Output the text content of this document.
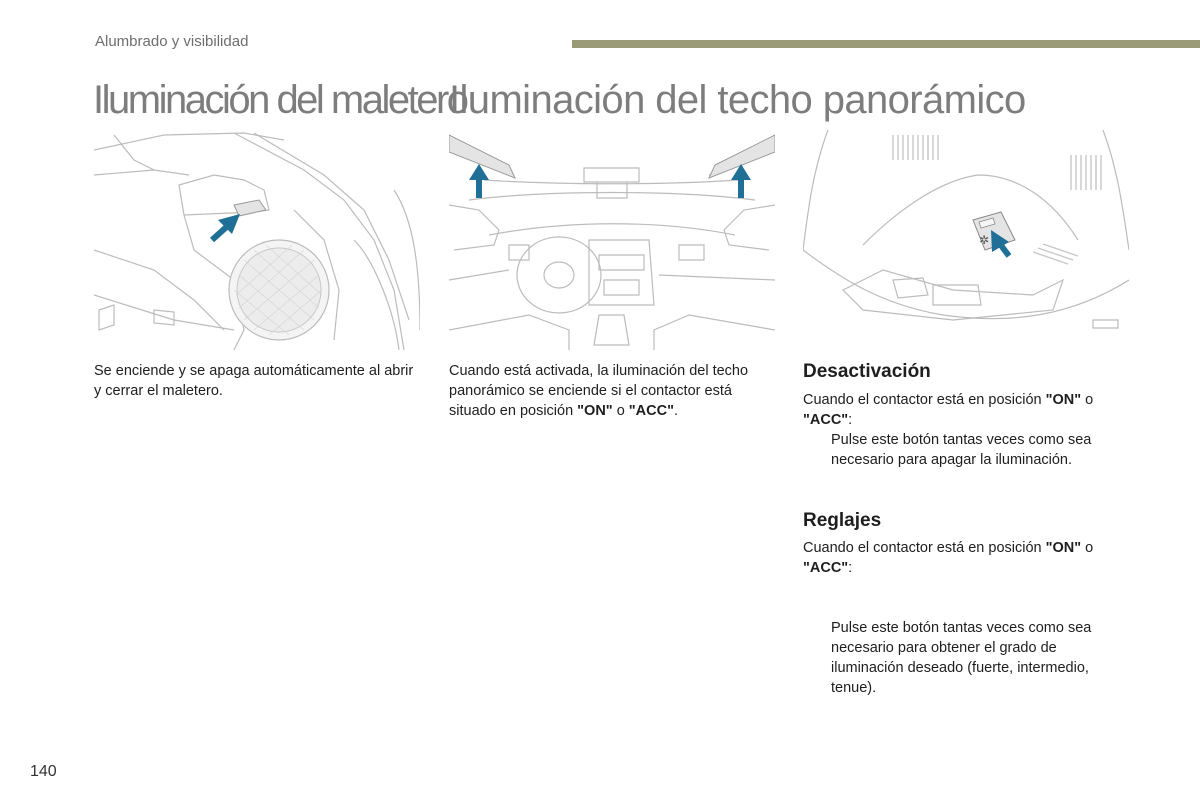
Alumbrado y visibilidad
Iluminación del maletero
Iluminación del techo panorámico
✲

Se enciende y se apaga automáticamente al abrir y cerrar el maletero.

Cuando está activada, la iluminación del techo panorámico se enciende si el contactor está situado en posición "ON" o "ACC".

Desactivación

Cuando el contactor está en posición "ON" o "ACC":

Pulse este botón tantas veces como sea necesario para apagar la iluminación.
Reglajes

Cuando el contactor está en posición "ON" o "ACC":

Pulse este botón tantas veces como sea necesario para obtener el grado de iluminación deseado (fuerte, intermedio, tenue).
140
